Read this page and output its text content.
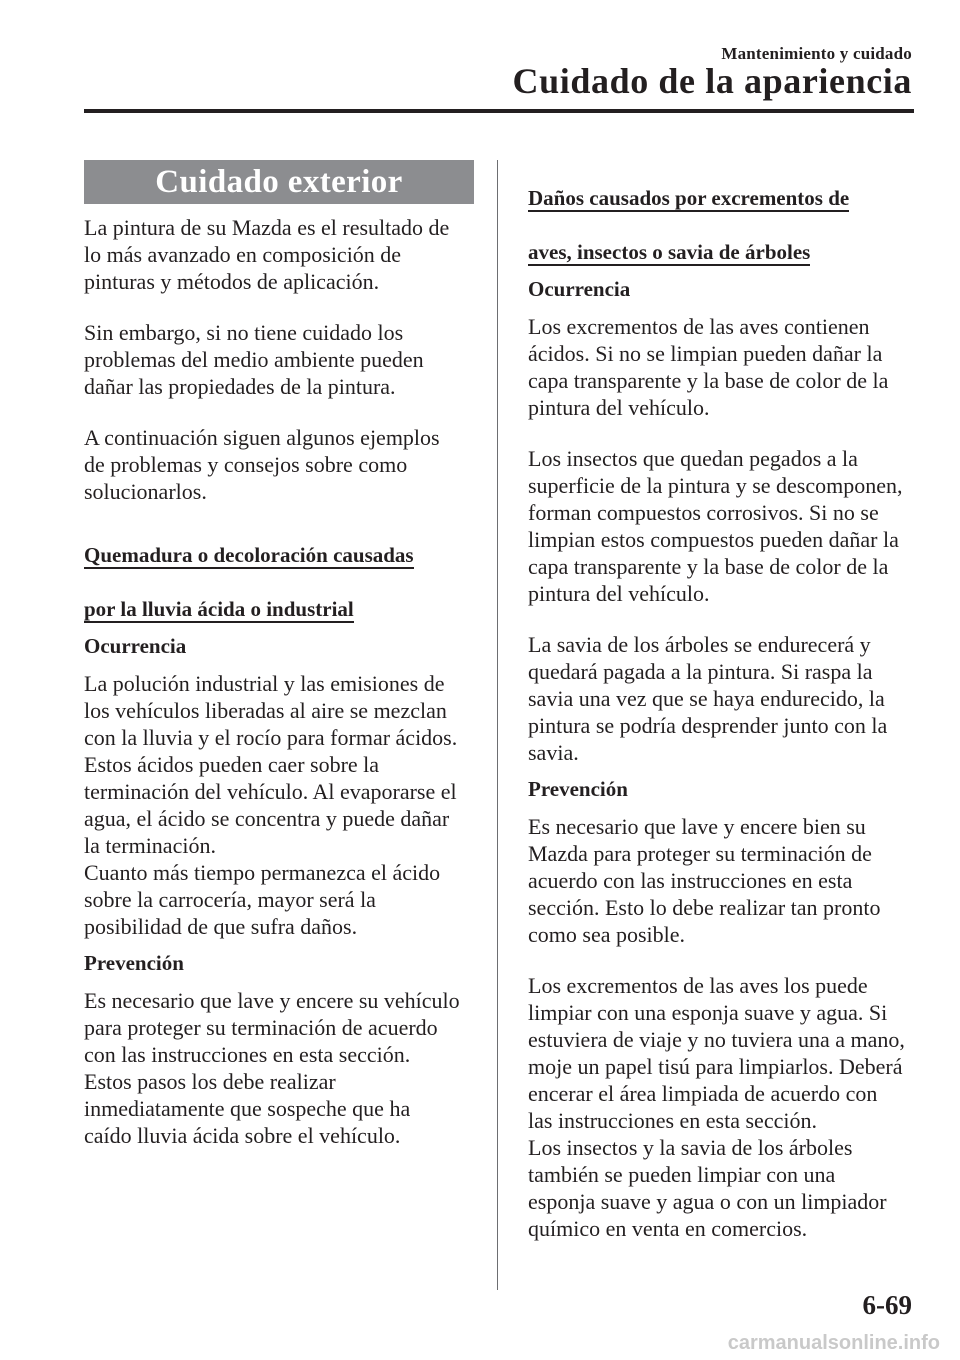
Mantenimiento y cuidado
Cuidado de la apariencia
Cuidado exterior

La pintura de su Mazda es el resultado de
lo más avanzado en composición de
pinturas y métodos de aplicación.

Sin embargo, si no tiene cuidado los
problemas del medio ambiente pueden
dañar las propiedades de la pintura.

A continuación siguen algunos ejemplos
de problemas y consejos sobre como
solucionarlos.

Quemadura o decoloración causadas

por la lluvia ácida o industrial

Ocurrencia

La polución industrial y las emisiones de
los vehículos liberadas al aire se mezclan
con la lluvia y el rocío para formar ácidos.
Estos ácidos pueden caer sobre la
terminación del vehículo. Al evaporarse el
agua, el ácido se concentra y puede dañar
la terminación.
Cuanto más tiempo permanezca el ácido
sobre la carrocería, mayor será la
posibilidad de que sufra daños.

Prevención

Es necesario que lave y encere su vehículo
para proteger su terminación de acuerdo
con las instrucciones en esta sección.
Estos pasos los debe realizar
inmediatamente que sospeche que ha
caído lluvia ácida sobre el vehículo.

Daños causados por excrementos de

aves, insectos o savia de árboles

Ocurrencia

Los excrementos de las aves contienen
ácidos. Si no se limpian pueden dañar la
capa transparente y la base de color de la
pintura del vehículo.

Los insectos que quedan pegados a la
superficie de la pintura y se descomponen,
forman compuestos corrosivos. Si no se
limpian estos compuestos pueden dañar la
capa transparente y la base de color de la
pintura del vehículo.

La savia de los árboles se endurecerá y
quedará pagada a la pintura. Si raspa la
savia una vez que se haya endurecido, la
pintura se podría desprender junto con la
savia.

Prevención

Es necesario que lave y encere bien su
Mazda para proteger su terminación de
acuerdo con las instrucciones en esta
sección. Esto lo debe realizar tan pronto
como sea posible.

Los excrementos de las aves los puede
limpiar con una esponja suave y agua. Si
estuviera de viaje y no tuviera una a mano,
moje un papel tisú para limpiarlos. Deberá
encerar el área limpiada de acuerdo con
las instrucciones en esta sección.
Los insectos y la savia de los árboles
también se pueden limpiar con una
esponja suave y agua o con un limpiador
químico en venta en comercios.

6-69
carmanualsonline.info
